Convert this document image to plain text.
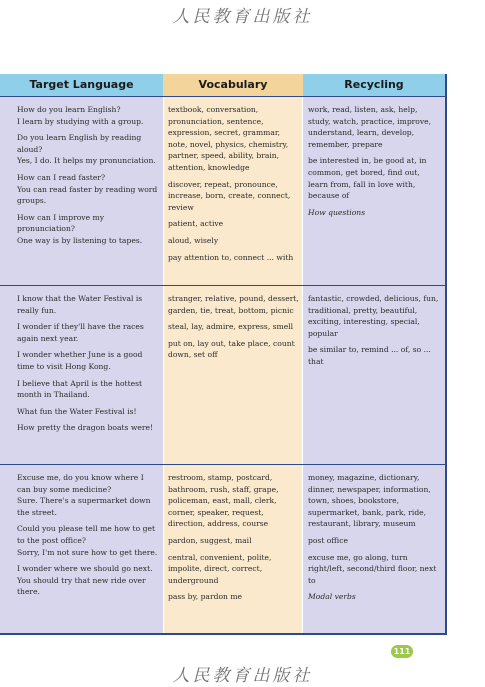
人民教育出版社
Target Language	Vocabulary	Recycling

How do you learn English?
I learn by studying with a group.

Do you learn English by reading aloud?
Yes, I do. It helps my pronunciation.

How can I read faster?
You can read faster by reading word groups.

How can I improve my pronunciation?
One way is by listening to tapes.

textbook, conversation, pronunciation, sentence, expression, secret, grammar, note, novel, physics, chemistry, partner, speed, ability, brain, attention, knowledge

discover, repeat, pronounce, increase, born, create, connect, review

patient, active

aloud, wisely

pay attention to, connect ... with

work, read, listen, ask, help, study, watch, practice, improve, understand, learn, develop, remember, prepare

be interested in, be good at, in common, get bored, find out, learn from, fall in love with, because of

How questions

I know that the Water Festival is really fun.

I wonder if they'll have the races again next year.

I wonder whether June is a good time to visit Hong Kong.

I believe that April is the hottest month in Thailand.

What fun the Water Festival is!

How pretty the dragon boats were!

stranger, relative, pound, dessert, garden, tie, treat, bottom, picnic

steal, lay, admire, express, smell

put on, lay out, take place, count down, set off

fantastic, crowded, delicious, fun, traditional, pretty, beautiful, exciting, interesting, special, popular

be similar to, remind ... of, so ... that

Excuse me, do you know where I can buy some medicine?
Sure. There's a supermarket down the street.

Could you please tell me how to get to the post office?
Sorry, I'm not sure how to get there.

I wonder where we should go next.
You should try that new ride over there.

restroom, stamp, postcard, bathroom, rush, staff, grape, policeman, east, mall, clerk, corner, speaker, request, direction, address, course

pardon, suggest, mail

central, convenient, polite, impolite, direct, correct, underground

pass by, pardon me

money, magazine, dictionary, dinner, newspaper, information, town, shoes, bookstore, supermarket, bank, park, ride, restaurant, library, museum

post office

excuse me, go along, turn right/left, second/third floor, next to

Modal verbs

111
人民教育出版社
